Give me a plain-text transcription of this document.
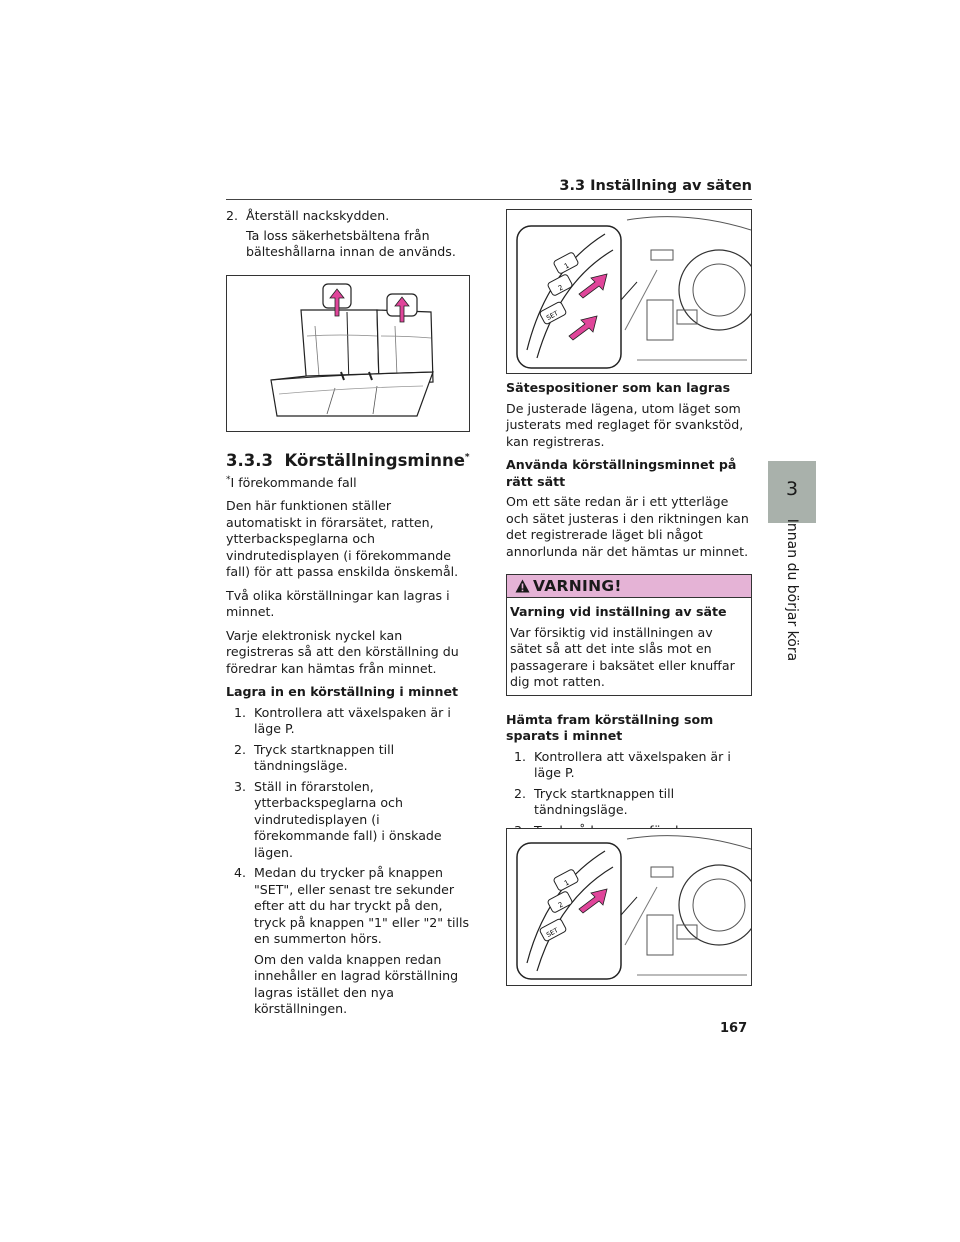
3.3 Inställning av säten
3
Innan du börjar köra
2. Återställ nackskydden.

Ta loss säkerhetsbältena från bälteshållarna innan de används.

3.3.3 Körställningsminne*

*I förekommande fall

Den här funktionen ställer automatiskt in förarsätet, ratten, ytterbackspeglarna och vindrutedisplayen (i förekommande fall) för att passa enskilda önskemål.

Två olika körställningar kan lagras i minnet.

Varje elektronisk nyckel kan registreras så att den körställning du föredrar kan hämtas från minnet.

Lagra in en körställning i minnet

1. Kontrollera att växelspaken är i läge P.
2. Tryck startknappen till tändningsläge.
3. Ställ in förarstolen, ytterbackspeglarna och vindrutedisplayen (i förekommande fall) i önskade lägen.
4. Medan du trycker på knappen "SET", eller senast tre sekunder efter att du har tryckt på den, tryck på knappen "1" eller "2" tills en summerton hörs.

Om den valda knappen redan innehåller en lagrad körställning lagras istället den nya körställningen.

1
2
SET

Sätespositioner som kan lagras

De justerade lägena, utom läget som justerats med reglaget för svankstöd, kan registreras.

Använda körställningsminnet på rätt sätt

Om ett säte redan är i ett ytterläge och sätet justeras i den riktningen kan det registrerade läget bli något annorlunda när det hämtas ur minnet.

VARNING!

Varning vid inställning av säte

Var försiktig vid inställningen av sätet så att det inte slås mot en passagerare i baksätet eller knuffar dig mot ratten.

Hämta fram körställning som sparats i minnet

1. Kontrollera att växelspaken är i läge P.
2. Tryck startknappen till tändningsläge.
1
2
SET
167
